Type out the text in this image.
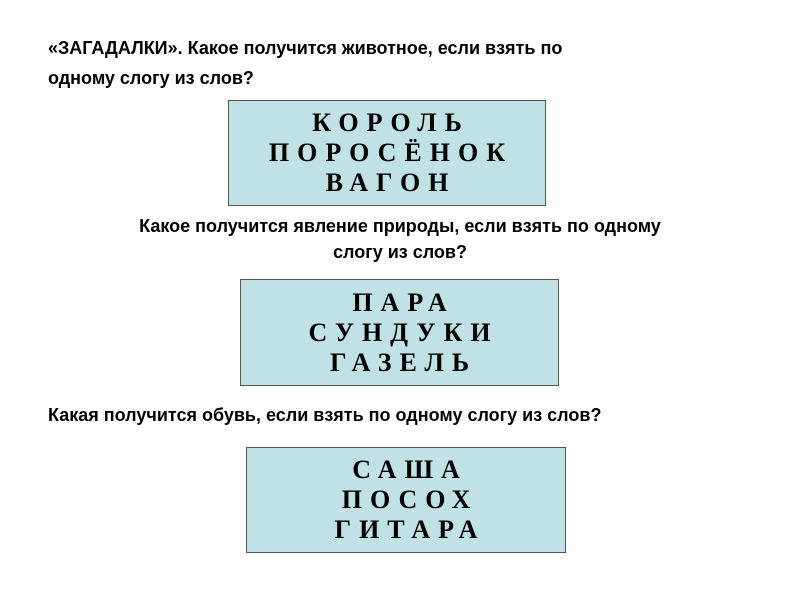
«ЗАГАДАЛКИ». Какое получится животное, если взять по
одному слогу из слов?

КОРОЛЬ
ПОРОСЁНОК
ВАГОН

Какое получится явление природы, если взять по одному
слогу из слов?

ПАРА
СУНДУКИ
ГАЗЕЛЬ

Какая получится обувь, если взять по одному слогу из слов?

САША
ПОСОХ
ГИТАРА
